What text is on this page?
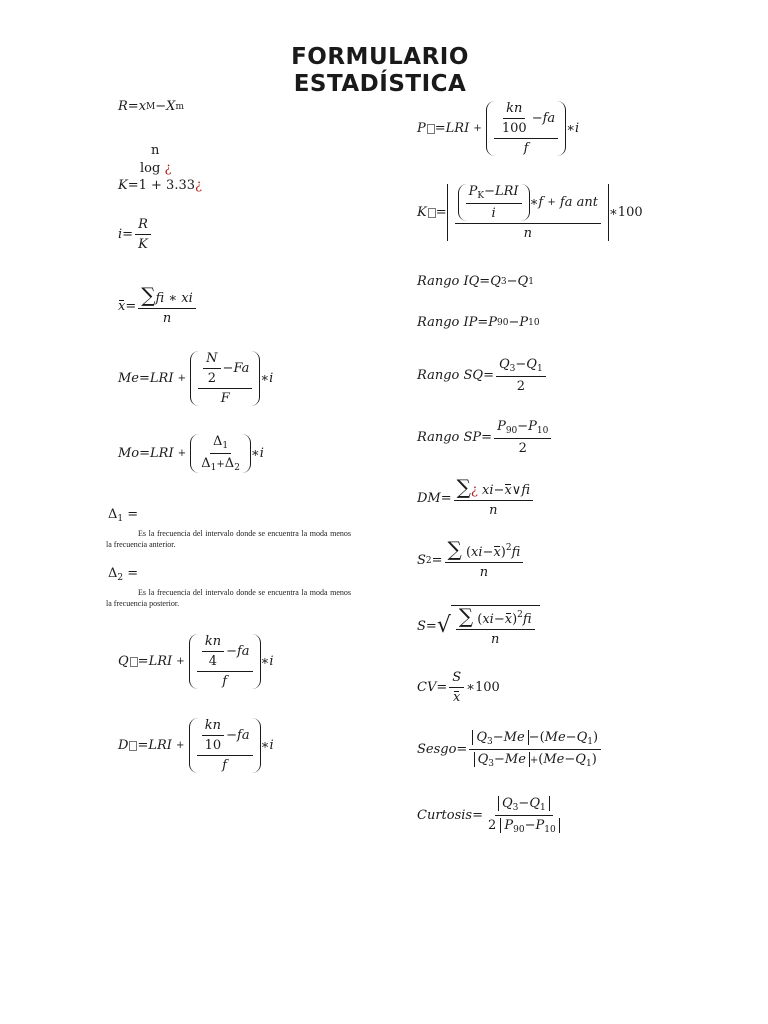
FORMULARIO
ESTADÍSTICA
R = x M − X m
n
log
¿
K = 1 + 3.33 ¿
$i = \frac{R}{K}$
$x = \frac{\sum fi ∗ xi}{n}$
Me = LRI
+
$\frac{\frac{N}{2} - Fa}{F}$ ∗ i
Mo = LRI
+
$\frac{\Delta_1}{\Delta_1+\Delta_2}$ ∗ i
$\Delta_1$ =
Es la frecuencia del intervalo donde se encuentra la moda menos la frecuencia anterior.
$\Delta_2$ =
Es la frecuencia del intervalo donde se encuentra la moda menos la frecuencia posterior.
Q = LRI
+
$\frac{\frac{kn}{4} - fa}{f}$ ∗ i
D = LRI
+
$\frac{\frac{kn}{10} - fa}{f}$ ∗ i
P = LRI
+
$\frac{\frac{kn}{100} - fa}{f}$ ∗ i
$K = \frac{P_K-LRI}{i}$ ∗ f
+
fa ant
n ∗ 100
Rango IQ = Q 3 − Q 1
Rango IP = P 90 − P 10
Rango SQ = $\frac{Q_3-Q_1}{2}$
Rango SP = $\frac{P_{90}-P_{10}}{2}$
DM = $\frac{\sum¿ xi-x\vee fi}{n}$
S $2 = \frac{\sum (xi-x)^2fi}{n}$
S = √ $\frac{\sum (xi-x)^2fi}{n}$
CV = $\frac{S}{x}$ ∗ 100
Sesgo = $\frac{Q_3-Me -(Me-Q_1)}{Q_3-Me +(Me-Q_1)}$
Curtosis = $\frac{Q_3-Q_1}{2 P_{90}-P_{10}}$
